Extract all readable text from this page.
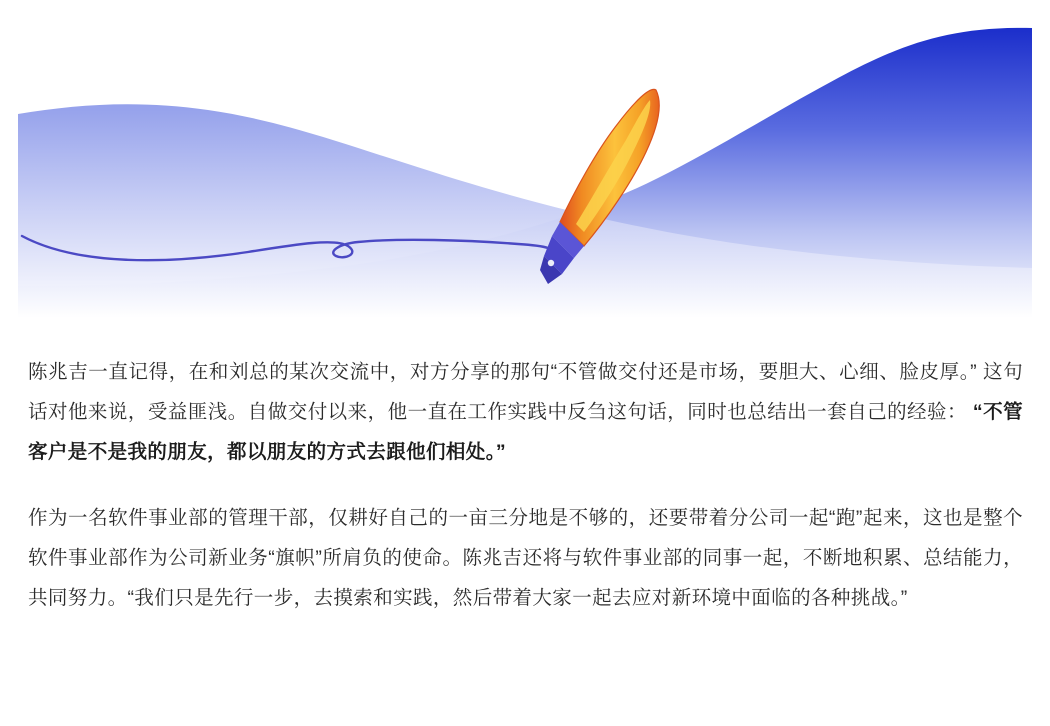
陈兆吉一直记得，在和刘总的某次交流中，对方分享的那句“不管做交付还是市场，要胆大、心细、脸皮厚。” 这句话对他来说，受益匪浅。自做交付以来，他一直在工作实践中反刍这句话，同时也总结出一套自己的经验： “不管客户是不是我的朋友，都以朋友的方式去跟他们相处。”

作为一名软件事业部的管理干部，仅耕好自己的一亩三分地是不够的，还要带着分公司一起“跑”起来，这也是整个软件事业部作为公司新业务“旗帜”所肩负的使命。陈兆吉还将与软件事业部的同事一起，不断地积累、总结能力，共同努力。“我们只是先行一步，去摸索和实践，然后带着大家一起去应对新环境中面临的各种挑战。”
